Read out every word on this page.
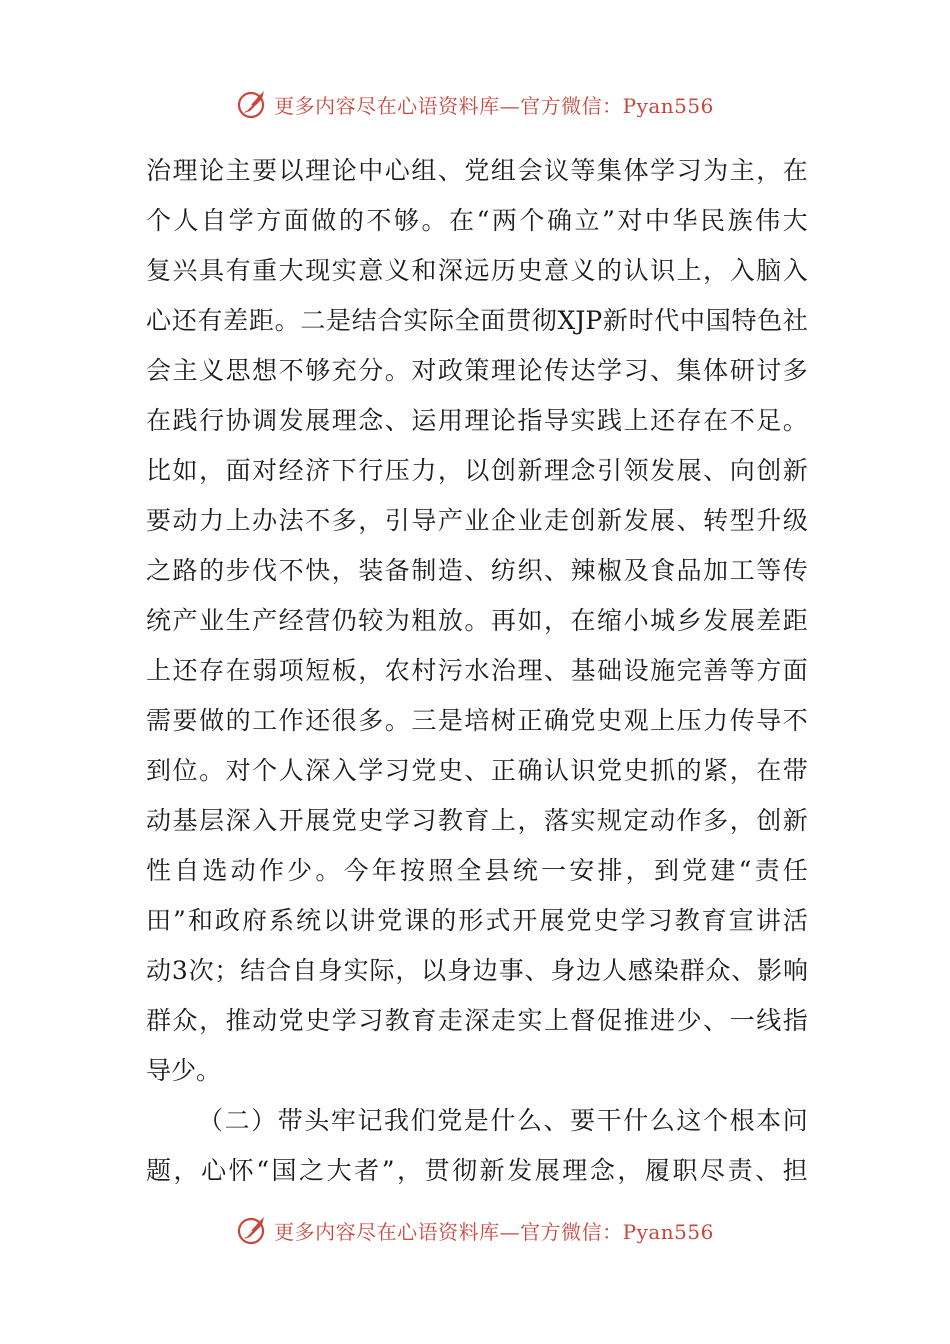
更多内容尽在心语资料库—官方微信：Pyan556
治 理 论 主 要 以 理 论 中 心 组 、 党 组 会 议 等 集 体 学 习 为 主 ， 在
个 人 自 学 方 面 做 的 不 够 。 在 “ 两 个 确 立 ” 对 中 华 民 族 伟 大
复 兴 具 有 重 大 现 实 意 义 和 深 远 历 史 意 义 的 认 识 上 ， 入 脑 入
心 还 有 差 距 。 二 是 结 合 实 际 全 面 贯 彻 XJP 新 时 代 中 国 特 色 社
会 主 义 思 想 不 够 充 分 。 对 政 策 理 论 传 达 学 习 、 集 体 研 讨 多
在 践 行 协 调 发 展 理 念 、 运 用 理 论 指 导 实 践 上 还 存 在 不 足 。
比 如 ， 面 对 经 济 下 行 压 力 ， 以 创 新 理 念 引 领 发 展 、 向 创 新
要 动 力 上 办 法 不 多 ， 引 导 产 业 企 业 走 创 新 发 展 、 转 型 升 级
之 路 的 步 伐 不 快 ， 装 备 制 造 、 纺 织 、 辣 椒 及 食 品 加 工 等 传
统 产 业 生 产 经 营 仍 较 为 粗 放 。 再 如 ， 在 缩 小 城 乡 发 展 差 距
上 还 存 在 弱 项 短 板 ， 农 村 污 水 治 理 、 基 础 设 施 完 善 等 方 面
需 要 做 的 工 作 还 很 多 。 三 是 培 树 正 确 党 史 观 上 压 力 传 导 不
到 位 。 对 个 人 深 入 学 习 党 史 、 正 确 认 识 党 史 抓 的 紧 ， 在 带
动 基 层 深 入 开 展 党 史 学 习 教 育 上 ， 落 实 规 定 动 作 多 ， 创 新
性 自 选 动 作 少 。 今 年 按 照 全 县 统 一 安 排 ， 到 党 建 “ 责 任
田 ” 和 政 府 系 统 以 讲 党 课 的 形 式 开 展 党 史 学 习 教 育 宣 讲 活
动 3 次 ； 结 合 自 身 实 际 ， 以 身 边 事 、 身 边 人 感 染 群 众 、 影 响
群 众 ， 推 动 党 史 学 习 教 育 走 深 走 实 上 督 促 推 进 少 、 一 线 指
导少。
（ 二 ） 带 头 牢 记 我 们 党 是 什 么 、 要 干 什 么 这 个 根 本 问
题 ， 心 怀 “ 国 之 大 者 ” ， 贯 彻 新 发 展 理 念 ， 履 职 尽 责 、 担
更多内容尽在心语资料库—官方微信：Pyan556
